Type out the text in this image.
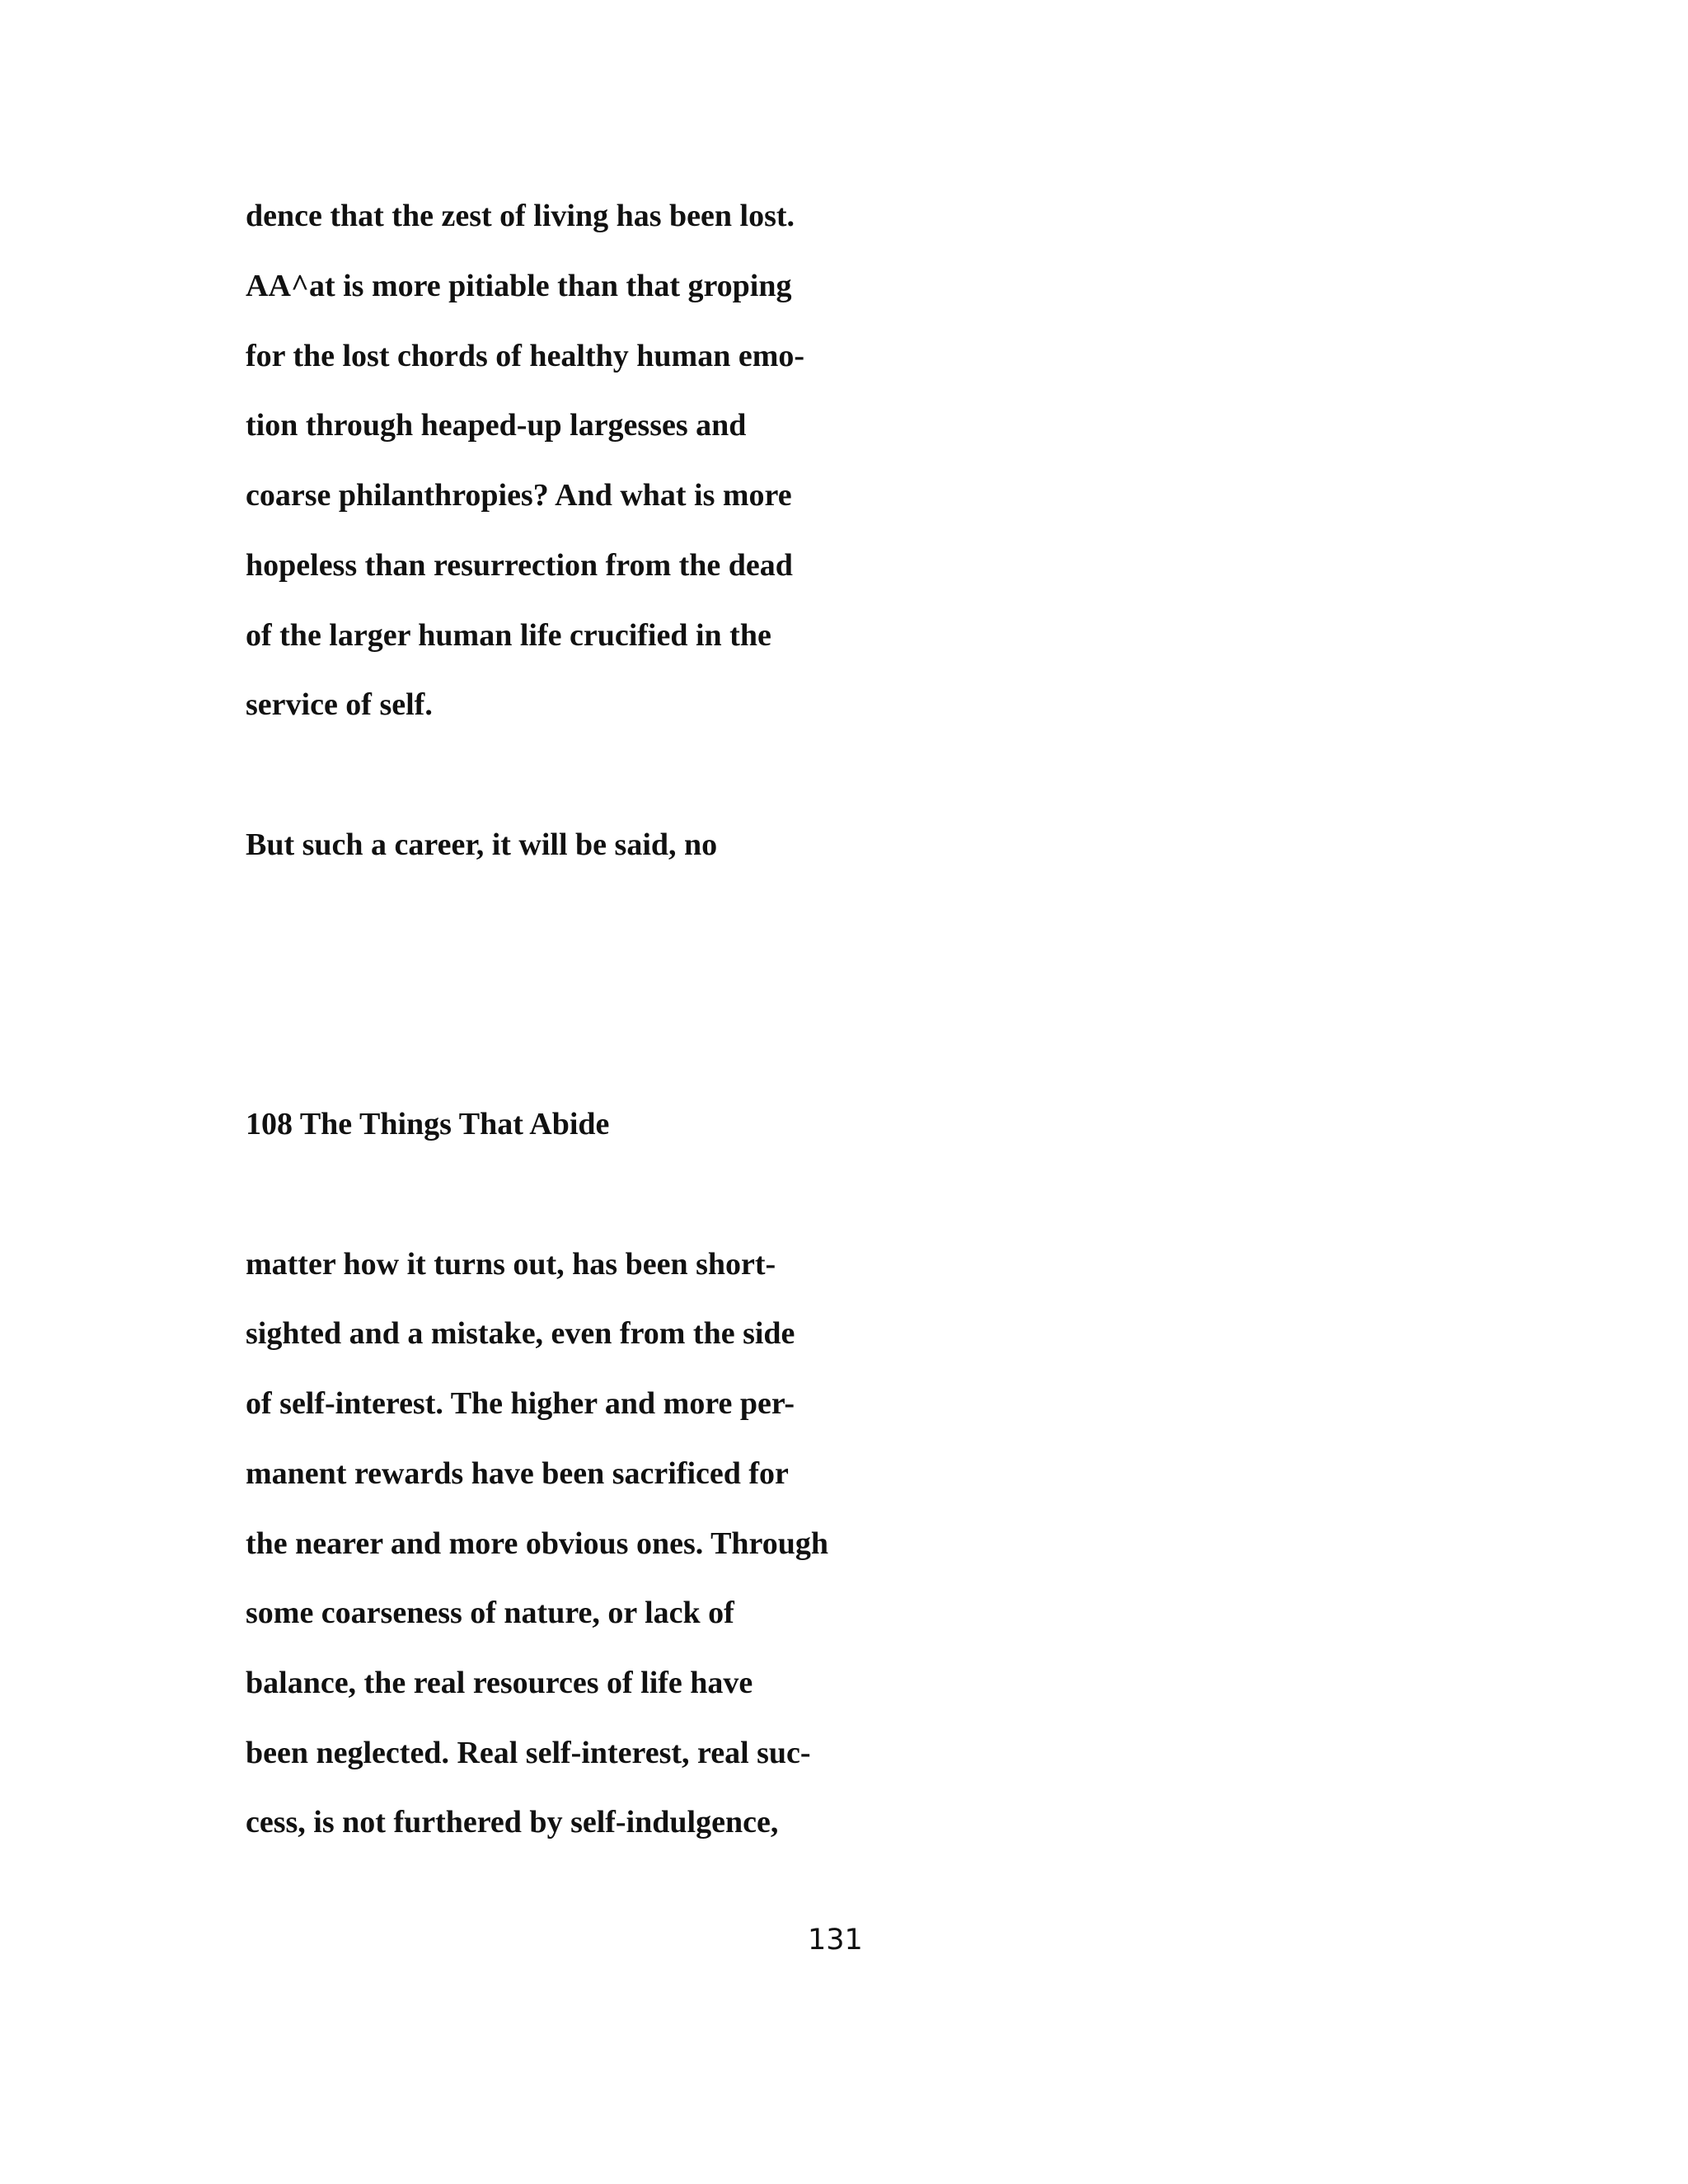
dence that the zest of living has been lost.

AA^at is more pitiable than that groping

for the lost chords of healthy human emo-

tion through heaped-up largesses and

coarse philanthropies? And what is more

hopeless than resurrection from the dead

of the larger human life crucified in the

service of self.

But such a career, it will be said, no

108 The Things That Abide

matter how it turns out, has been short-

sighted and a mistake, even from the side

of self-interest. The higher and more per-

manent rewards have been sacrificed for

the nearer and more obvious ones. Through

some coarseness of nature, or lack of

balance, the real resources of life have

been neglected. Real self-interest, real suc-

cess, is not furthered by self-indulgence,

131
